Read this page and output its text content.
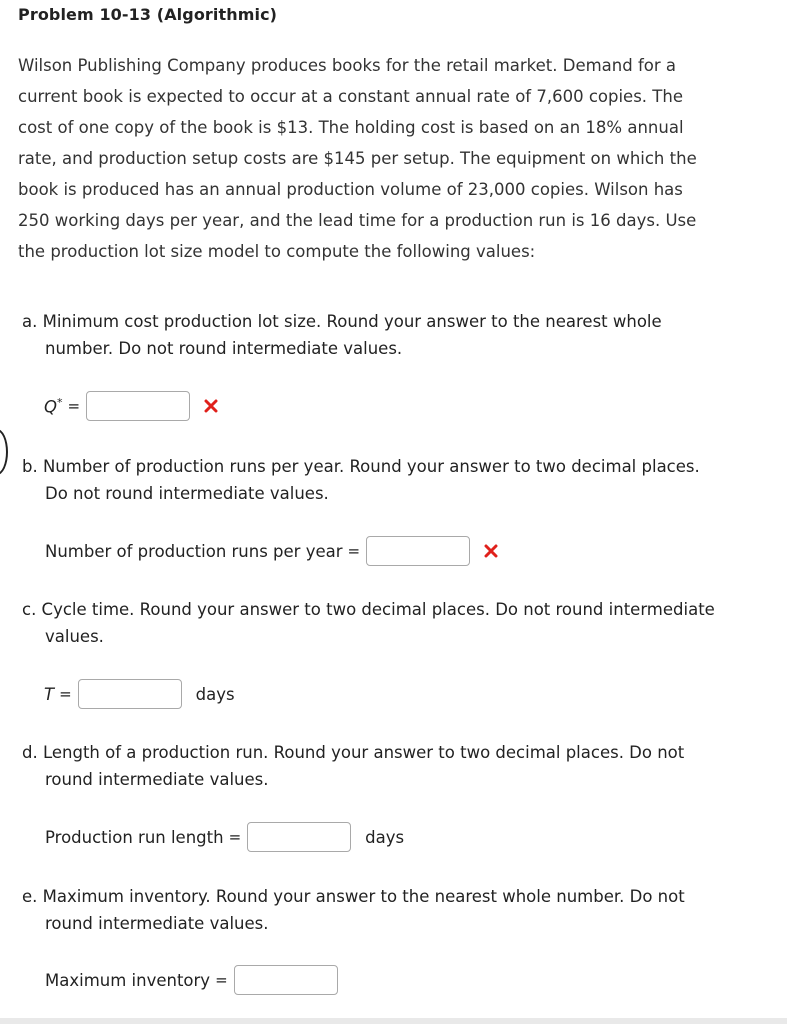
Problem 10-13 (Algorithmic)
Wilson Publishing Company produces books for the retail market. Demand for a
current book is expected to occur at a constant annual rate of 7,600 copies. The
cost of one copy of the book is $13. The holding cost is based on an 18% annual
rate, and production setup costs are $145 per setup. The equipment on which the
book is produced has an annual production volume of 23,000 copies. Wilson has
250 working days per year, and the lead time for a production run is 16 days. Use
the production lot size model to compute the following values:
a. Minimum cost production lot size. Round your answer to the nearest whole
number. Do not round intermediate values.
Q* =
b. Number of production runs per year. Round your answer to two decimal places.
Do not round intermediate values.
Number of production runs per year =
c. Cycle time. Round your answer to two decimal places. Do not round intermediate
values.
T =	days
d. Length of a production run. Round your answer to two decimal places. Do not
round intermediate values.
Production run length =	days
e. Maximum inventory. Round your answer to the nearest whole number. Do not
round intermediate values.
Maximum inventory =
